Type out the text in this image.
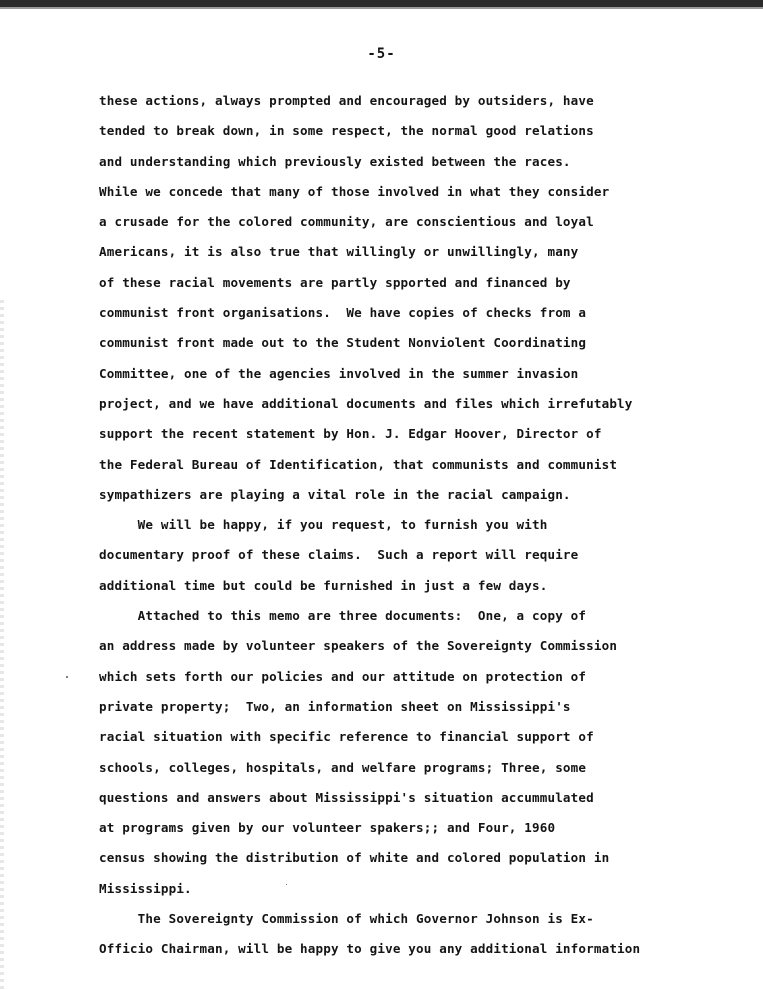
-5-
these actions, always prompted and encouraged by outsiders, have
tended to break down, in some respect, the normal good relations
and understanding which previously existed between the races.
While we concede that many of those involved in what they consider
a crusade for the colored community, are conscientious and loyal
Americans, it is also true that willingly or unwillingly, many
of these racial movements are partly spported and financed by
communist front organisations.  We have copies of checks from a
communist front made out to the Student Nonviolent Coordinating
Committee, one of the agencies involved in the summer invasion
project, and we have additional documents and files which irrefutably
support the recent statement by Hon. J. Edgar Hoover, Director of
the Federal Bureau of Identification, that communists and communist
sympathizers are playing a vital role in the racial campaign.
We will be happy, if you request, to furnish you with
documentary proof of these claims.  Such a report will require
additional time but could be furnished in just a few days.
Attached to this memo are three documents:  One, a copy of
an address made by volunteer speakers of the Sovereignty Commission
which sets forth our policies and our attitude on protection of
private property;  Two, an information sheet on Mississippi's
racial situation with specific reference to financial support of
schools, colleges, hospitals, and welfare programs; Three, some
questions and answers about Mississippi's situation accummulated
at programs given by our volunteer spakers;; and Four, 1960
census showing the distribution of white and colored population in
Mississippi.
The Sovereignty Commission of which Governor Johnson is Ex-
Officio Chairman, will be happy to give you any additional information
